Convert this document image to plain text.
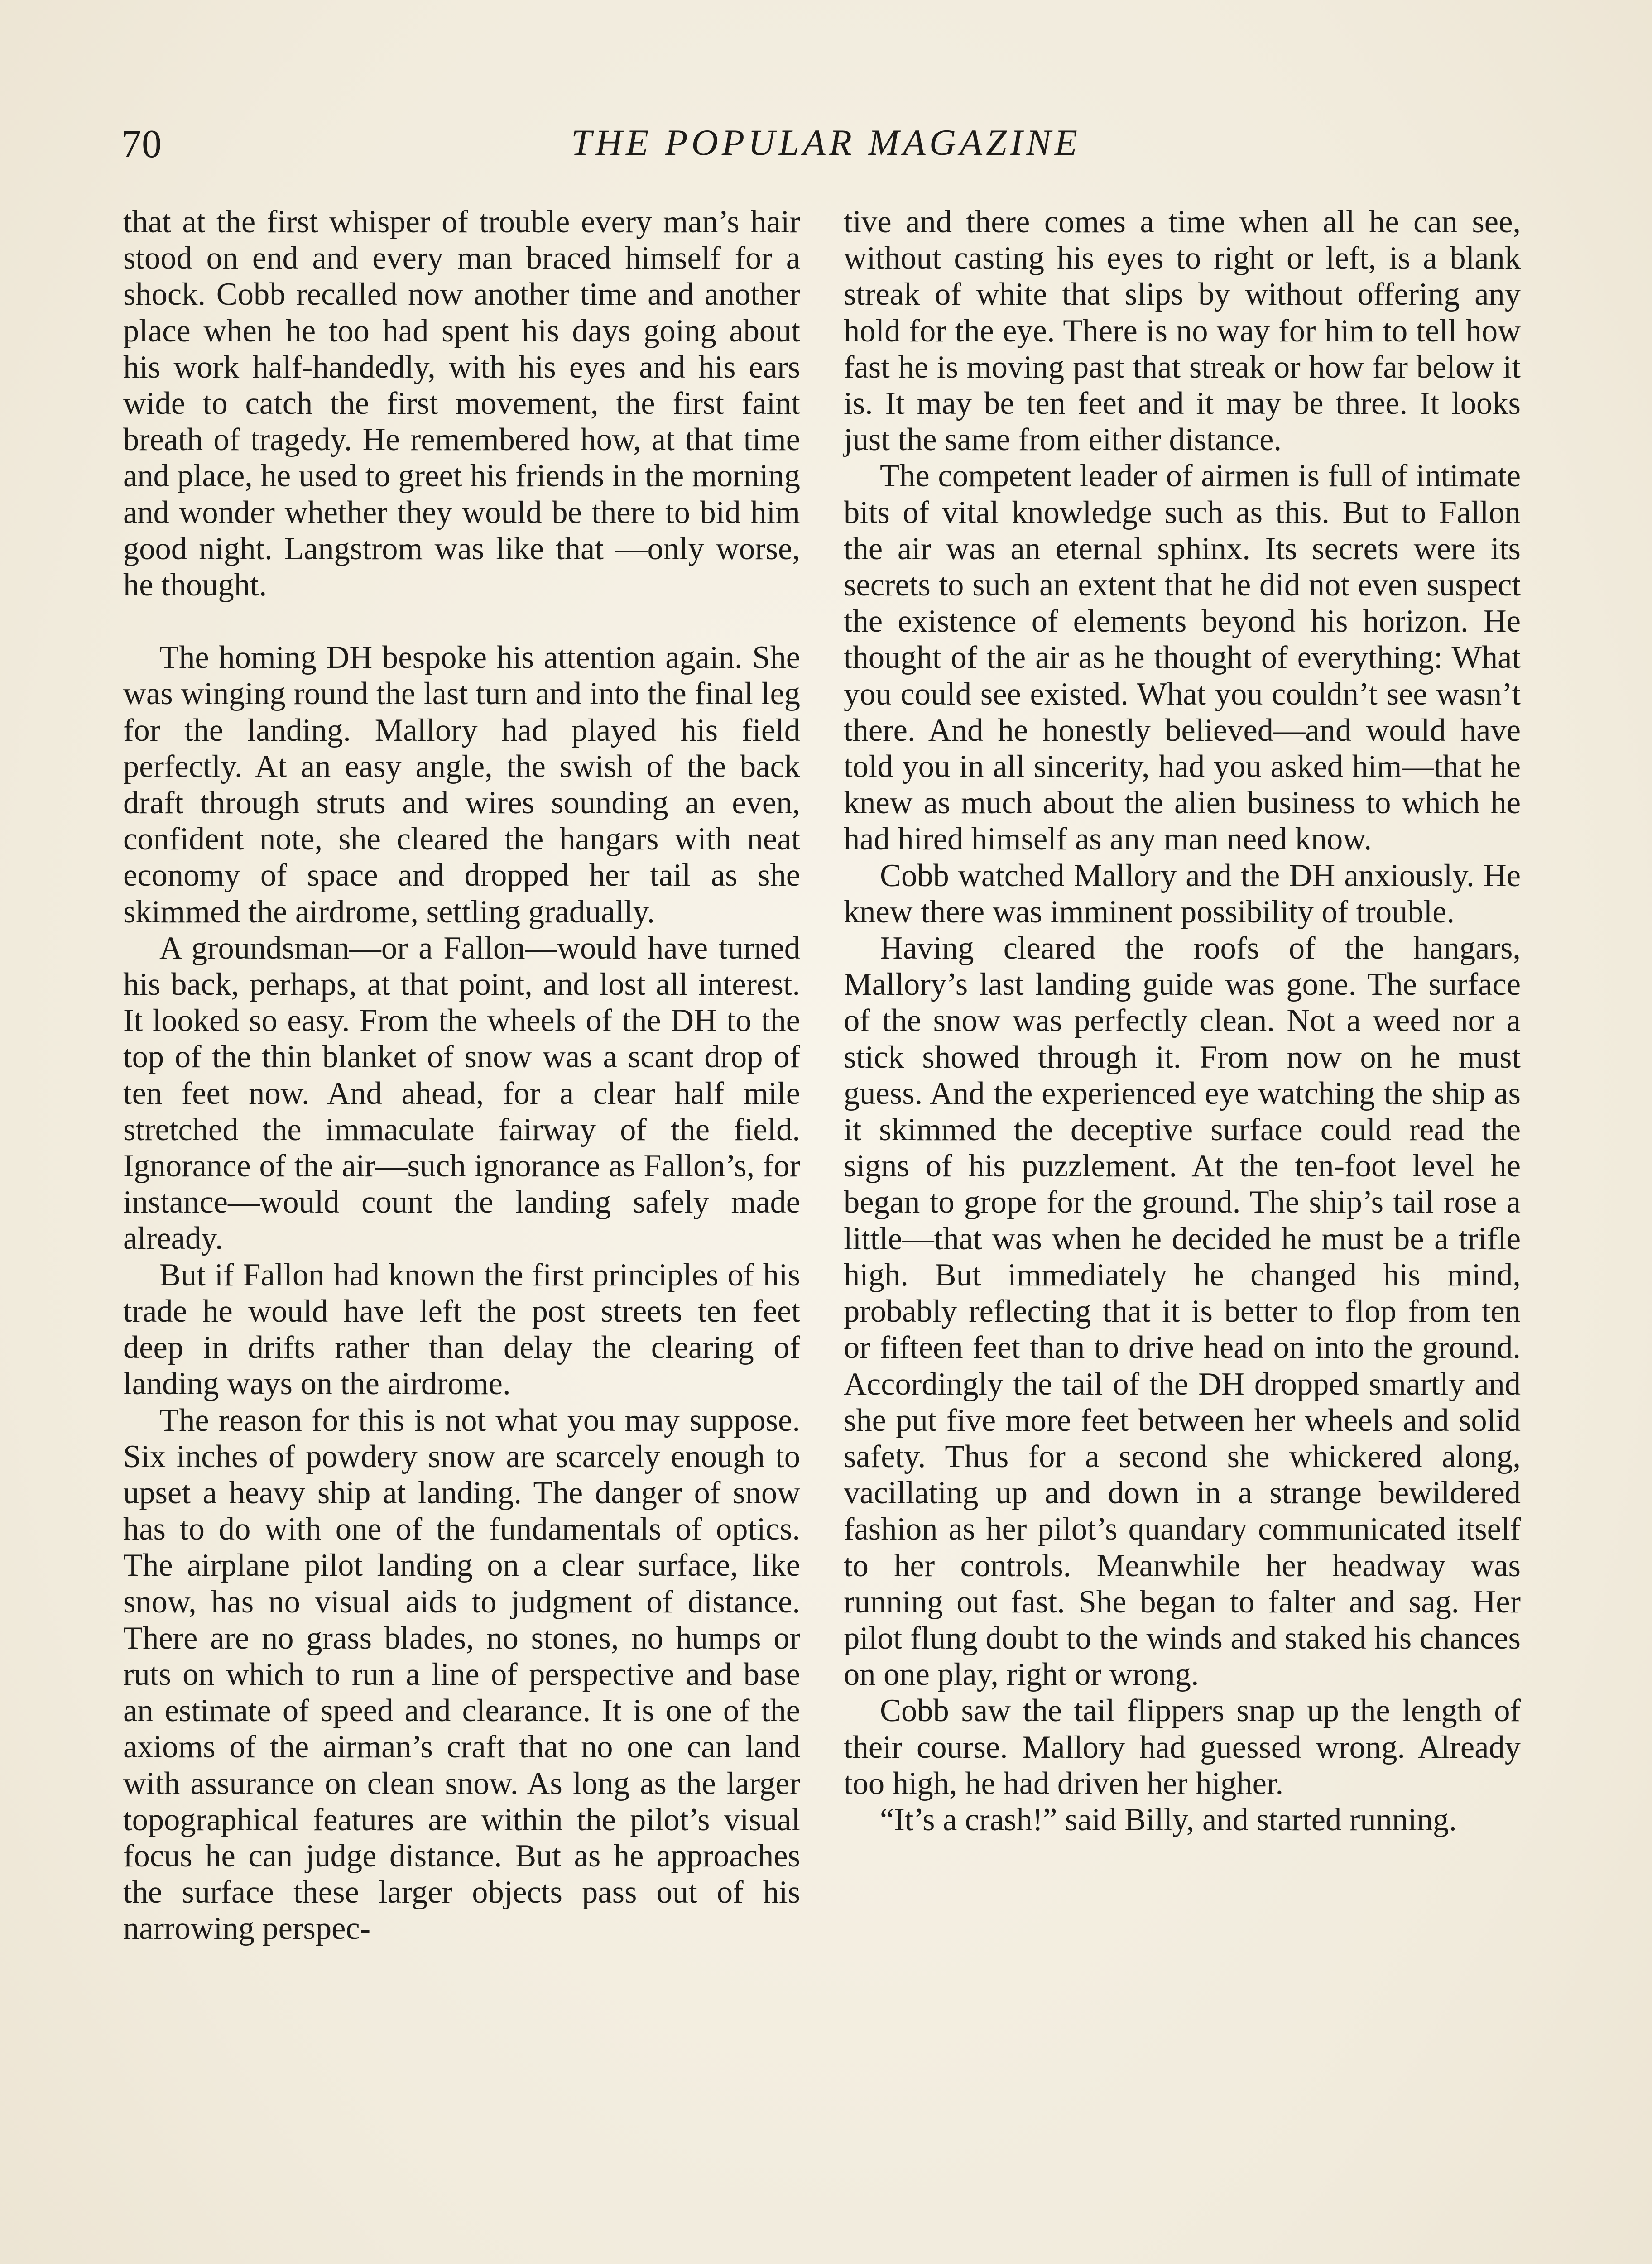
70	THE POPULAR MAGAZINE

that at the first whisper of trouble every man’s hair stood on end and every man braced himself for a shock. Cobb recalled now another time and another place when he too had spent his days going about his work half-handedly, with his eyes and his ears wide to catch the first movement, the first faint breath of tragedy. He remembered how, at that time and place, he used to greet his friends in the morning and wonder whether they would be there to bid him good night. Langstrom was like that —only worse, he thought.

The homing DH bespoke his attention again. She was winging round the last turn and into the final leg for the landing. Mallory had played his field perfectly. At an easy angle, the swish of the back draft through struts and wires sounding an even, confident note, she cleared the hangars with neat economy of space and dropped her tail as she skimmed the airdrome, settling gradually.

A groundsman—or a Fallon—would have turned his back, perhaps, at that point, and lost all interest. It looked so easy. From the wheels of the DH to the top of the thin blanket of snow was a scant drop of ten feet now. And ahead, for a clear half mile stretched the immaculate fairway of the field. Ignorance of the air—such ignorance as Fallon’s, for instance—would count the landing safely made already.

But if Fallon had known the first principles of his trade he would have left the post streets ten feet deep in drifts rather than delay the clearing of landing ways on the airdrome.

The reason for this is not what you may suppose. Six inches of powdery snow are scarcely enough to upset a heavy ship at landing. The danger of snow has to do with one of the fundamentals of optics. The airplane pilot landing on a clear surface, like snow, has no visual aids to judgment of distance. There are no grass blades, no stones, no humps or ruts on which to run a line of perspective and base an estimate of speed and clearance. It is one of the axioms of the airman’s craft that no one can land with assurance on clean snow. As long as the larger topographical features are within the pilot’s visual focus he can judge distance. But as he approaches the surface these larger objects pass out of his narrowing perspec-

tive and there comes a time when all he can see, without casting his eyes to right or left, is a blank streak of white that slips by without offering any hold for the eye. There is no way for him to tell how fast he is moving past that streak or how far below it is. It may be ten feet and it may be three. It looks just the same from either distance.

The competent leader of airmen is full of intimate bits of vital knowledge such as this. But to Fallon the air was an eternal sphinx. Its secrets were its secrets to such an extent that he did not even suspect the existence of elements beyond his horizon. He thought of the air as he thought of everything: What you could see existed. What you couldn’t see wasn’t there. And he honestly believed—and would have told you in all sincerity, had you asked him—that he knew as much about the alien business to which he had hired himself as any man need know.

Cobb watched Mallory and the DH anxiously. He knew there was imminent possibility of trouble.

Having cleared the roofs of the hangars, Mallory’s last landing guide was gone. The surface of the snow was perfectly clean. Not a weed nor a stick showed through it. From now on he must guess. And the experienced eye watching the ship as it skimmed the deceptive surface could read the signs of his puzzlement. At the ten-foot level he began to grope for the ground. The ship’s tail rose a little—that was when he decided he must be a trifle high. But immediately he changed his mind, probably reflecting that it is better to flop from ten or fifteen feet than to drive head on into the ground. Accordingly the tail of the DH dropped smartly and she put five more feet between her wheels and solid safety. Thus for a second she whickered along, vacillating up and down in a strange bewildered fashion as her pilot’s quandary communicated itself to her controls. Meanwhile her headway was running out fast. She began to falter and sag. Her pilot flung doubt to the winds and staked his chances on one play, right or wrong.

Cobb saw the tail flippers snap up the length of their course. Mallory had guessed wrong. Already too high, he had driven her higher.

“It’s a crash!” said Billy, and started running.
